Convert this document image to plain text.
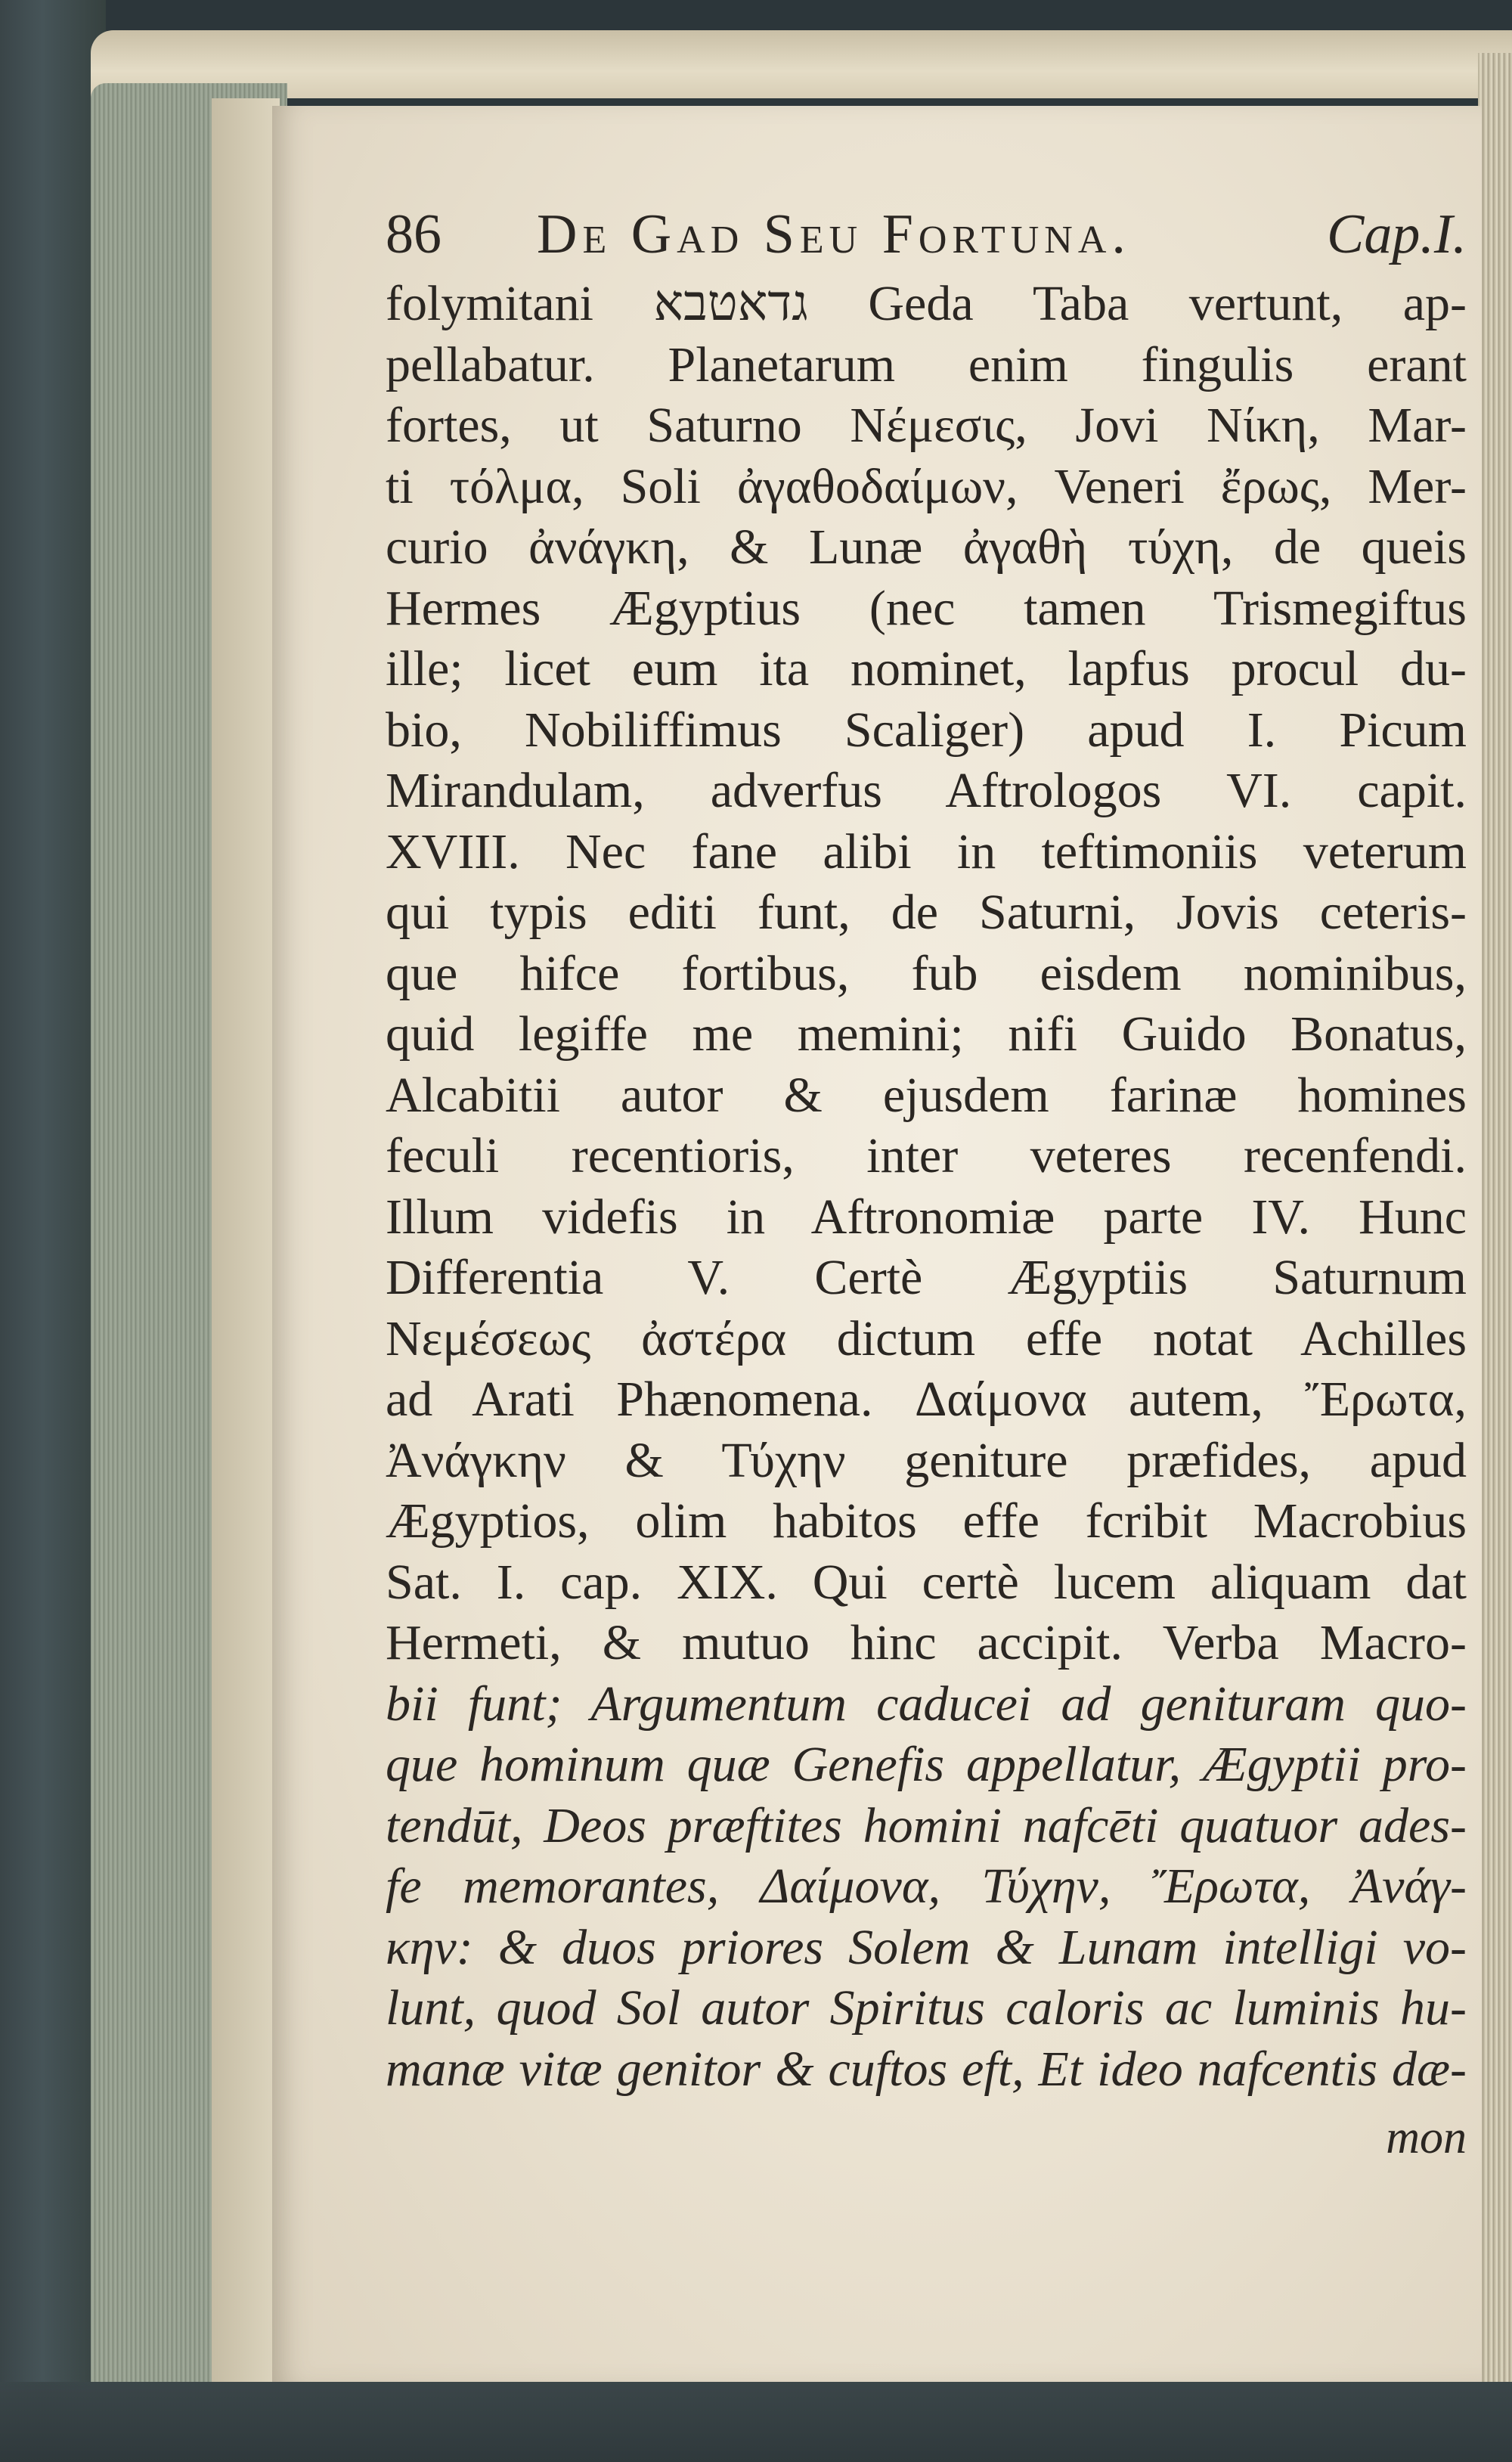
86 De Gad Seu Fortuna.	Cap.I.
folymitani גדאטבא Geda Taba vertunt, ap-
pellabatur. Planetarum enim fingulis erant
fortes, ut Saturno Νέμεσις, Jovi Νίκη, Mar-
ti τόλμα, Soli ἀγαθοδαίμων, Veneri ἔρως, Mer-
curio ἀνάγκη, & Lunæ ἀγαθὴ τύχη, de queis
Hermes Ægyptius (nec tamen Trismegiftus
ille; licet eum ita nominet, lapfus procul du-
bio, Nobiliffimus Scaliger) apud I. Picum
Mirandulam, adverfus Aftrologos VI. capit.
XVIII. Nec fane alibi in teftimoniis veterum
qui typis editi funt, de Saturni, Jovis ceteris-
que hifce fortibus, fub eisdem nominibus,
quid legiffe me memini; nifi Guido Bonatus,
Alcabitii autor & ejusdem farinæ homines
feculi recentioris, inter veteres recenfendi.
Illum videfis in Aftronomiæ parte IV. Hunc
Differentia V. Certè Ægyptiis Saturnum
Νεμέσεως ἀστέρα dictum effe notat Achilles
ad Arati Phænomena. Δαίμονα autem, Ἔρωτα,
Ἀνάγκην & Τύχην geniture præfides, apud
Ægyptios, olim habitos effe fcribit Macrobius
Sat. I. cap. XIX. Qui certè lucem aliquam dat
Hermeti, & mutuo hinc accipit. Verba Macro-
bii funt; Argumentum caducei ad genituram quo-
que hominum quæ Genefis appellatur, Ægyptii pro-
tendūt, Deos præftites homini nafcēti quatuor ades-
fe memorantes, Δαίμονα, Τύχην, Ἔρωτα, Ἀνάγ-
κην: & duos priores Solem & Lunam intelligi vo-
lunt, quod Sol autor Spiritus caloris ac luminis hu-
manæ vitæ genitor & cuftos eft, Et ideo nafcentis dæ-
mon
